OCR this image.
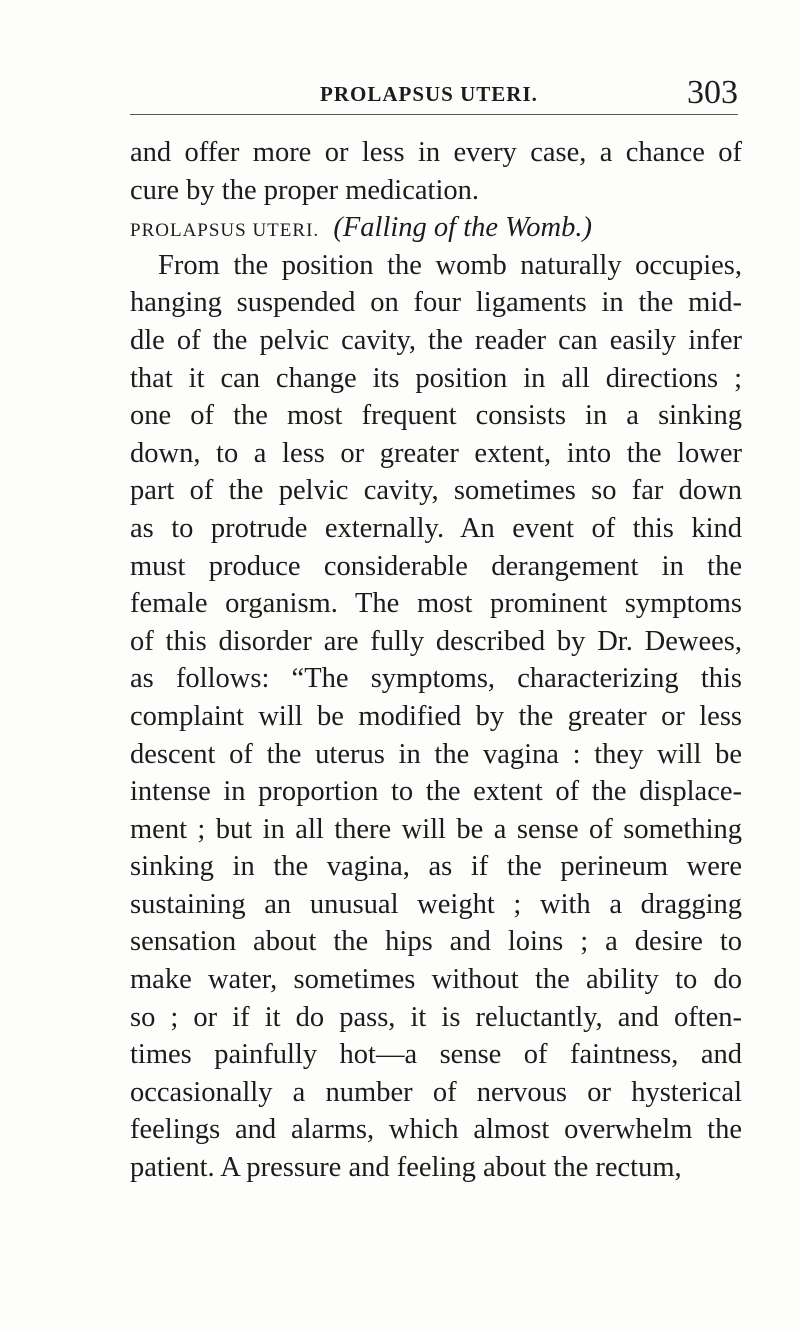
PROLAPSUS UTERI.	303
and offer more or less in every case, a chance of
cure by the proper medication.
PROLAPSUS UTERI. (Falling of the Womb.)
From the position the womb naturally occupies,
hanging suspended on four ligaments in the mid-
dle of the pelvic cavity, the reader can easily infer
that it can change its position in all directions ;
one of the most frequent consists in a sinking
down, to a less or greater extent, into the lower
part of the pelvic cavity, sometimes so far down
as to protrude externally. An event of this kind
must produce considerable derangement in the
female organism. The most prominent symptoms
of this disorder are fully described by Dr. Dewees,
as follows: “The symptoms, characterizing this
complaint will be modified by the greater or less
descent of the uterus in the vagina : they will be
intense in proportion to the extent of the displace-
ment ; but in all there will be a sense of something
sinking in the vagina, as if the perineum were
sustaining an unusual weight ; with a dragging
sensation about the hips and loins ; a desire to
make water, sometimes without the ability to do
so ; or if it do pass, it is reluctantly, and often-
times painfully hot—a sense of faintness, and
occasionally a number of nervous or hysterical
feelings and alarms, which almost overwhelm the
patient. A pressure and feeling about the rectum,
